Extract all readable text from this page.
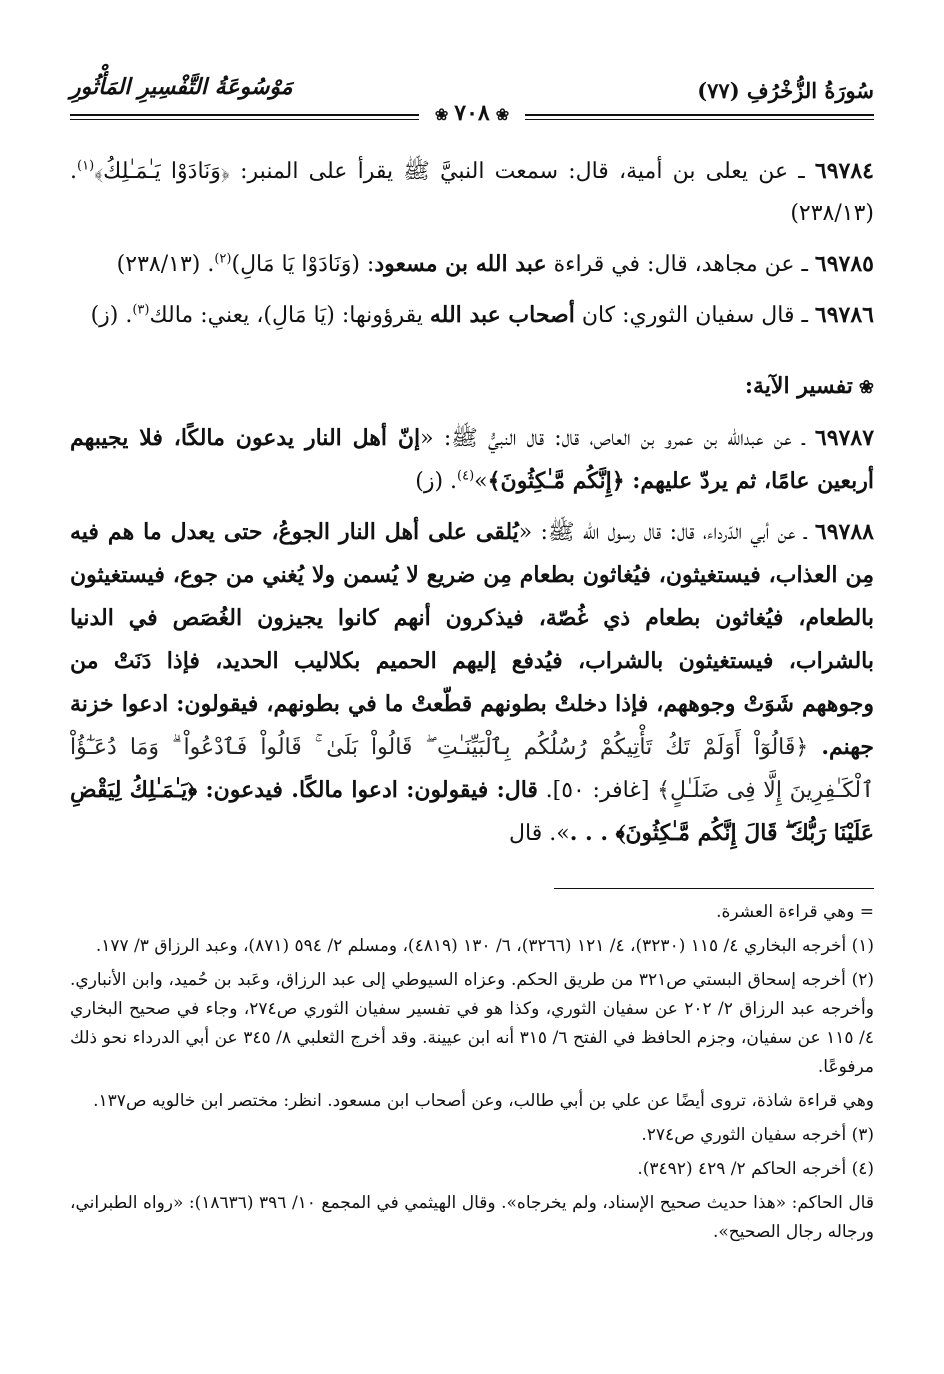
سُورَةُ الزُّخْرُفِ (٧٧)
مَوْسُوعَةُ التَّفْسِيرِ المَأْثُورِ
❀٧٠٨❀

٦٩٧٨٤ ـ عن يعلى بن أمية، قال: سمعت النبيَّ ﷺ يقرأ على المنبر: ﴿وَنَادَوْا يَـٰمَـٰلِكُ﴾$^{(١)}$. (٢٣٨/١٣)

٦٩٧٨٥ ـ عن مجاهد، قال: في قراءة عبد الله بن مسعود: (وَنَادَوْا يَا مَالِ)$^{(٢)}$. (٢٣٨/١٣)

٦٩٧٨٦ ـ قال سفيان الثوري: كان أصحاب عبد الله يقرؤونها: (يَا مَالِ)، يعني: مالك$^{(٣)}$. (ز)

❀تفسير الآية:

٦٩٧٨٧ ـ عن عبدالله بن عمرو بن العاص، قال: قال النبيُّ ﷺ: «إنّ أهل النار يدعون مالكًا، فلا يجيبهم أربعين عامًا، ثم يردّ عليهم: ﴿إِنَّكُم مَّـٰكِثُونَ﴾»$^{(٤)}$. (ز)

٦٩٧٨٨ ـ عن أبي الدّرداء، قال: قال رسول الله ﷺ: «يُلقى على أهل النار الجوعُ، حتى يعدل ما هم فيه مِن العذاب، فيستغيثون، فيُغاثون بطعام مِن ضريع لا يُسمن ولا يُغني من جوع، فيستغيثون بالطعام، فيُغاثون بطعام ذي غُصّة، فيذكرون أنهم كانوا يجيزون الغُصَص في الدنيا بالشراب، فيستغيثون بالشراب، فيُدفع إليهم الحميم بكلاليب الحديد، فإذا دَنَتْ من وجوههم شَوَتْ وجوههم، فإذا دخلتْ بطونهم قطّعتْ ما في بطونهم، فيقولون: ادعوا خزنة جهنم. ﴿قَالُوٓاْ أَوَلَمْ تَكُ تَأْتِيكُمْ رُسُلُكُم بِٱلْبَيِّنَـٰتِ ۖ قَالُواْ بَلَىٰ ۚ قَالُواْ فَٱدْعُواْ ۗ وَمَا دُعَـٰٓؤُاْ ٱلْكَـٰفِرِينَ إِلَّا فِى ضَلَـٰلٍ﴾ [غافر: ٥٠]. قال: فيقولون: ادعوا مالكًا. فيدعون: ﴿يَـٰمَـٰلِكُ لِيَقْضِ عَلَيْنَا رَبُّكَ ۖ قَالَ إِنَّكُم مَّـٰكِثُونَ﴾ . . .». قال

= وهي قراءة العشرة.

(١) أخرجه البخاري ٤/ ١١٥ (٣٢٣٠)، ٤/ ١٢١ (٣٢٦٦)، ٦/ ١٣٠ (٤٨١٩)، ومسلم ٢/ ٥٩٤ (٨٧١)، وعبد الرزاق ٣/ ١٧٧.

(٢) أخرجه إسحاق البستي ص٣٢١ من طريق الحكم. وعزاه السيوطي إلى عبد الرزاق، وعَبد بن حُميد، وابن الأنباري. وأخرجه عبد الرزاق ٢/ ٢٠٢ عن سفيان الثوري، وكذا هو في تفسير سفيان الثوري ص٢٧٤، وجاء في صحيح البخاري ٤/ ١١٥ عن سفيان، وجزم الحافظ في الفتح ٦/ ٣١٥ أنه ابن عيينة. وقد أخرج الثعلبي ٨/ ٣٤٥ عن أبي الدرداء نحو ذلك مرفوعًا.

وهي قراءة شاذة، تروى أيضًا عن علي بن أبي طالب، وعن أصحاب ابن مسعود. انظر: مختصر ابن خالويه ص١٣٧.

(٣) أخرجه سفيان الثوري ص٢٧٤.

(٤) أخرجه الحاكم ٢/ ٤٢٩ (٣٤٩٢).

قال الحاكم: «هذا حديث صحيح الإسناد، ولم يخرجاه». وقال الهيثمي في المجمع ١٠/ ٣٩٦ (١٨٦٣٦): «رواه الطبراني، ورجاله رجال الصحيح».
